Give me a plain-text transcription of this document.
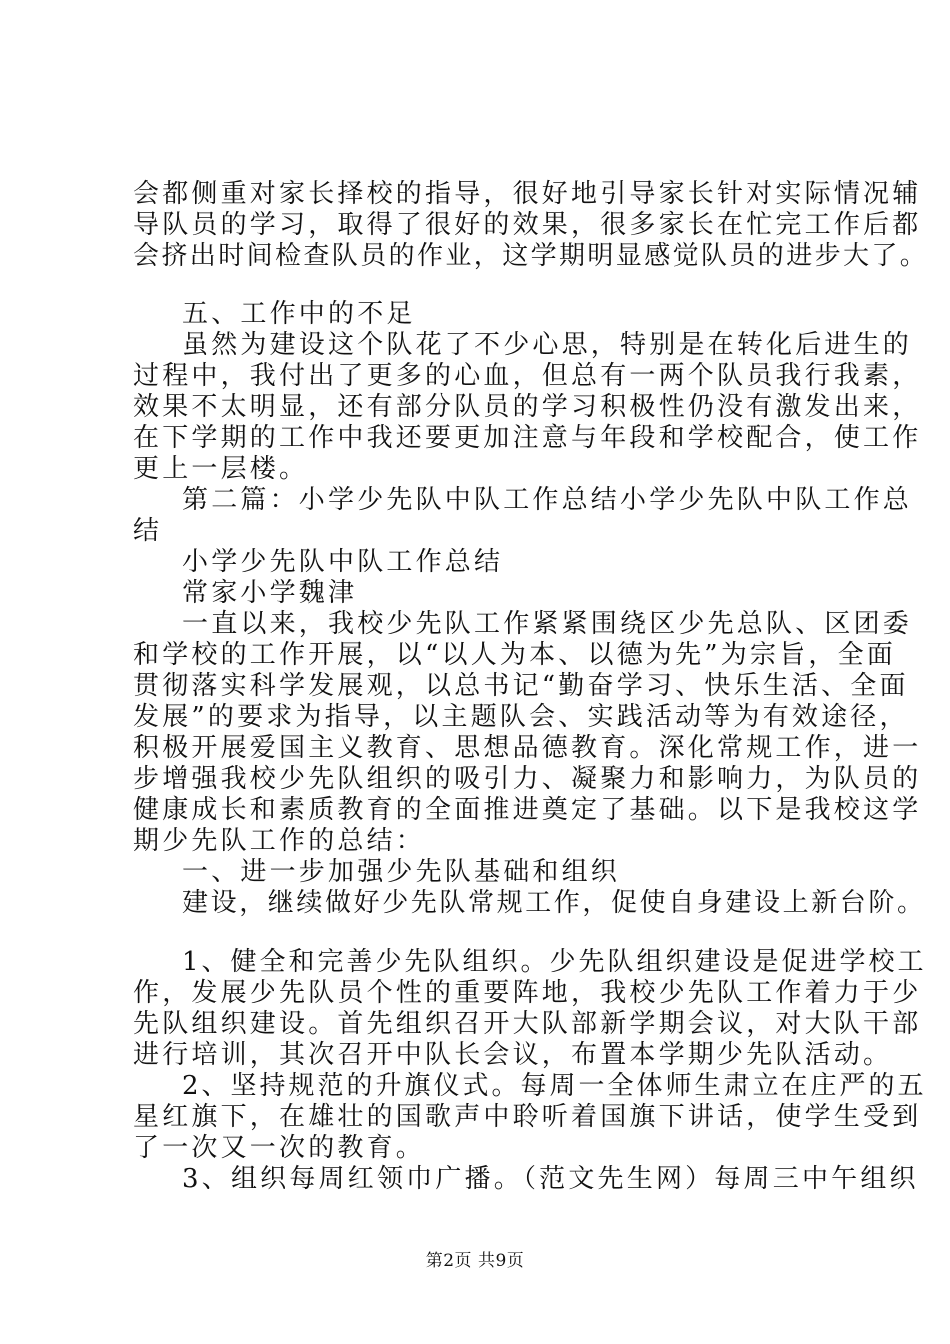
会都侧重对家长择校的指导，很好地引导家长针对实际情况辅
导队员的学习，取得了很好的效果，很多家长在忙完工作后都
会挤出时间检查队员的作业，这学期明显感觉队员的进步大了。
五、工作中的不足
虽然为建设这个队花了不少心思，特别是在转化后进生的
过程中，我付出了更多的心血，但总有一两个队员我行我素，
效果不太明显，还有部分队员的学习积极性仍没有激发出来，
在下学期的工作中我还要更加注意与年段和学校配合，使工作
更上一层楼。
第二篇：小学少先队中队工作总结小学少先队中队工作总
结
小学少先队中队工作总结
常家小学魏津
一直以来，我校少先队工作紧紧围绕区少先总队、区团委
和学校的工作开展，以“以人为本、以德为先”为宗旨，全面
贯彻落实科学发展观，以总书记“勤奋学习、快乐生活、全面
发展”的要求为指导，以主题队会、实践活动等为有效途径，
积极开展爱国主义教育、思想品德教育。深化常规工作，进一
步增强我校少先队组织的吸引力、凝聚力和影响力，为队员的
健康成长和素质教育的全面推进奠定了基础。以下是我校这学
期少先队工作的总结：
一、进一步加强少先队基础和组织
建设，继续做好少先队常规工作，促使自身建设上新台阶。
1、健全和完善少先队组织。少先队组织建设是促进学校工
作，发展少先队员个性的重要阵地，我校少先队工作着力于少
先队组织建设。首先组织召开大队部新学期会议，对大队干部
进行培训，其次召开中队长会议，布置本学期少先队活动。
2、坚持规范的升旗仪式。每周一全体师生肃立在庄严的五
星红旗下，在雄壮的国歌声中聆听着国旗下讲话，使学生受到
了一次又一次的教育。
3、组织每周红领巾广播。（范文先生网）每周三中午组织
第2页 共9页
